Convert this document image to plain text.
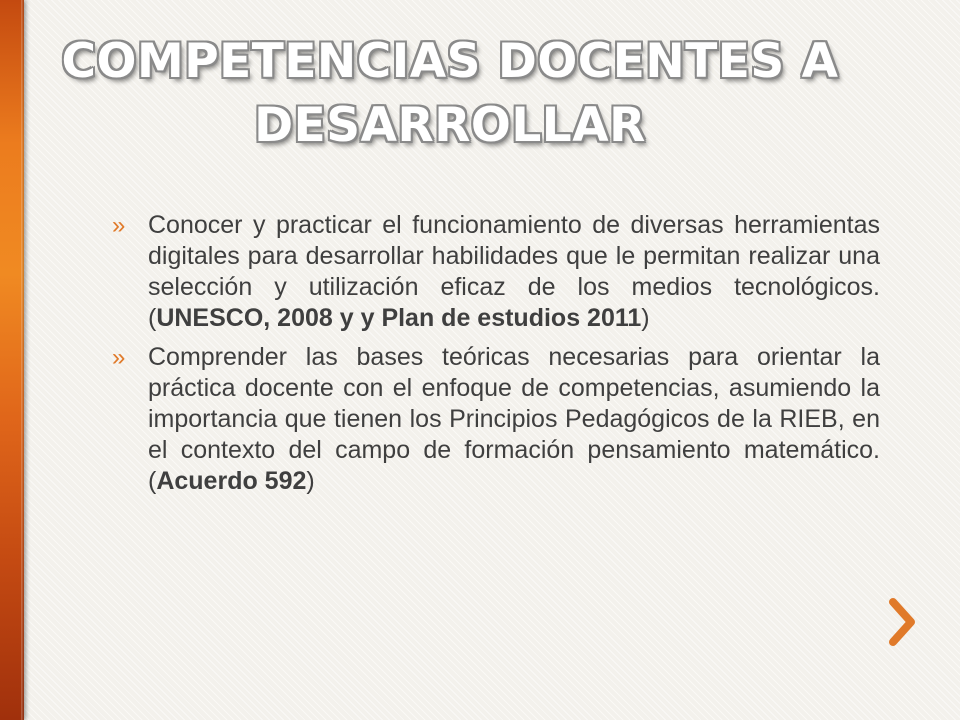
COMPETENCIAS DOCENTES A
DESARROLLAR
» Conocer y practicar el funcionamiento de diversas herramientas digitales para desarrollar habilidades que le permitan realizar una selección y utilización eficaz de los medios tecnológicos. (UNESCO, 2008 y y Plan de estudios 2011)
» Comprender las bases teóricas necesarias para orientar la práctica docente con el enfoque de competencias, asumiendo la importancia que tienen los Principios Pedagógicos de la RIEB, en el contexto del campo de formación pensamiento matemático. (Acuerdo 592)
